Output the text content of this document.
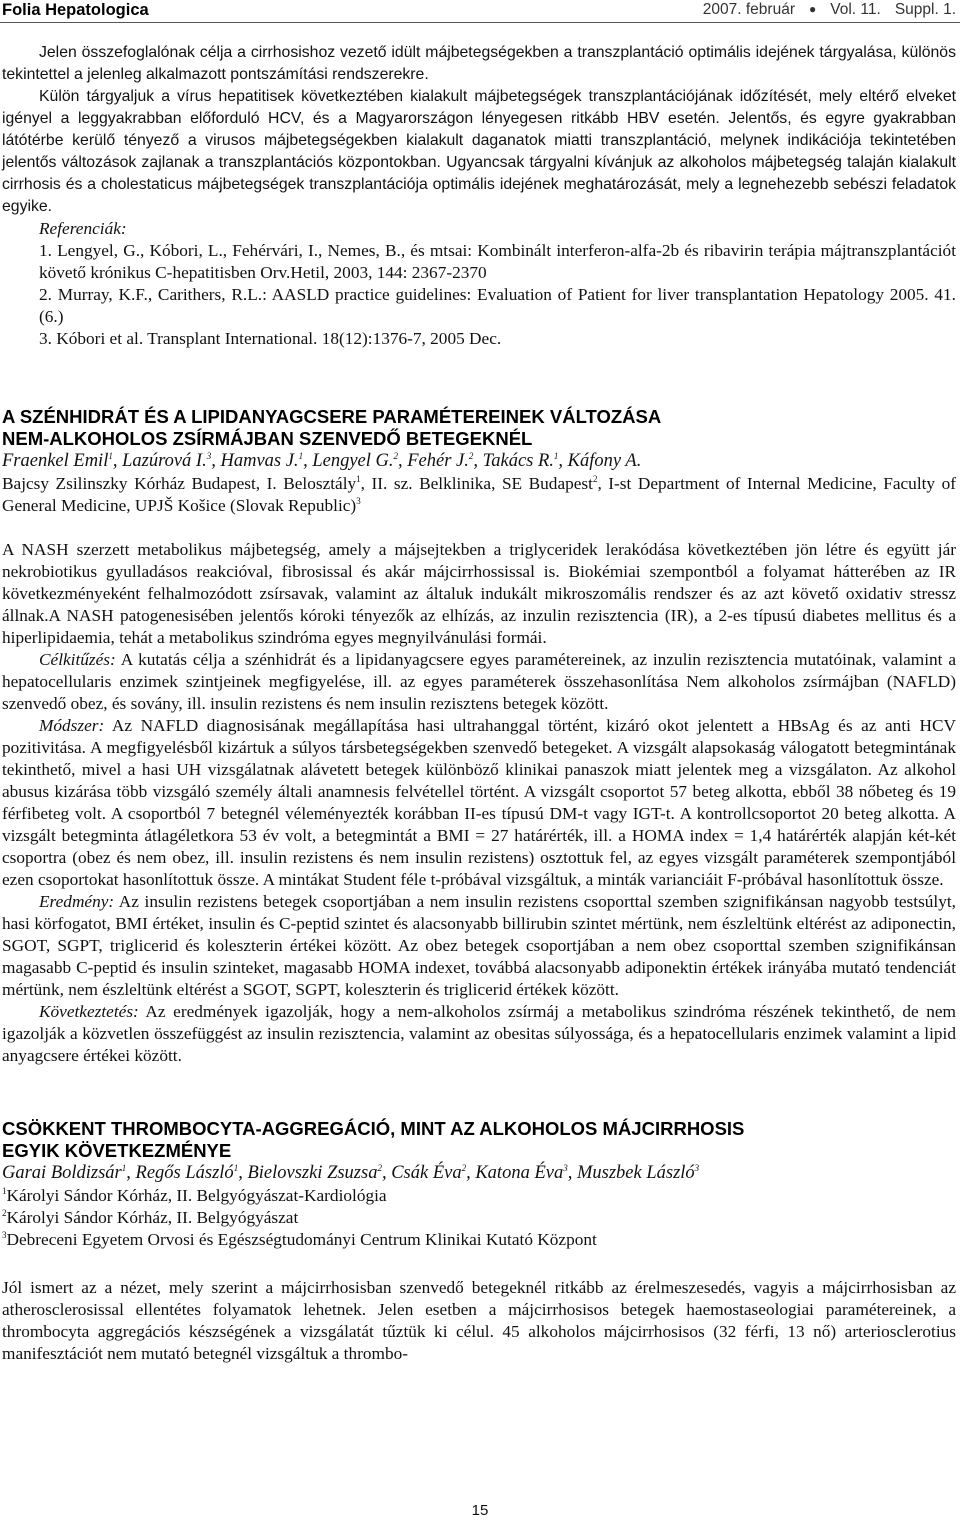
Folia Hepatologica	2007. február ● Vol. 11. Suppl. 1.

Jelen összefoglalónak célja a cirrhosishoz vezető idült májbetegségekben a transzplantáció optimális idejének tárgyalása, különös tekintettel a jelenleg alkalmazott pontszámítási rendszerekre.

Külön tárgyaljuk a vírus hepatitisek következtében kialakult májbetegségek transzplantációjának időzítését, mely eltérő elveket igényel a leggyakrabban előforduló HCV, és a Magyarországon lényegesen ritkább HBV esetén. Jelentős, és egyre gyakrabban látótérbe kerülő tényező a virusos májbetegségekben kialakult daganatok miatti transzplantáció, melynek indikációja tekintetében jelentős változások zajlanak a transzplantációs központokban. Ugyancsak tárgyalni kívánjuk az alkoholos májbetegség talaján kialakult cirrhosis és a cholestaticus májbetegségek transzplantációja optimális idejének meghatározását, mely a legnehezebb sebészi feladatok egyike.

Referenciák:
1. Lengyel, G., Kóbori, L., Fehérvári, I., Nemes, B., és mtsai: Kombinált interferon-alfa-2b és ribavirin terápia májtranszplantációt követő krónikus C-hepatitisben Orv.Hetil, 2003, 144: 2367-2370
2. Murray, K.F., Carithers, R.L.: AASLD practice guidelines: Evaluation of Patient for liver transplantation Hepatology 2005. 41.(6.)
3. Kóbori et al. Transplant International. 18(12):1376-7, 2005 Dec.
A SZÉNHIDRÁT ÉS A LIPIDANYAGCSERE PARAMÉTEREINEK VÁLTOZÁSA
NEM-ALKOHOLOS ZSÍRMÁJBAN SZENVEDŐ BETEGEKNÉL
Fraenkel Emil$^1$, Lazúrová I.$^3$, Hamvas J.$^1$, Lengyel G.$^2$, Fehér J.$^2$, Takács R.$^1$, Káfony A.

Bajcsy Zsilinszky Kórház Budapest, I. Belosztály$^1$, II. sz. Belklinika, SE Budapest$^2$, I-st Department of Internal Medicine, Faculty of General Medicine, UPJŠ Košice (Slovak Republic)$^3$

A NASH szerzett metabolikus májbetegség, amely a májsejtekben a triglyceridek lerakódása következtében jön létre és együtt jár nekrobiotikus gyulladásos reakcióval, fibrosissal és akár májcirrhossissal is. Biokémiai szempontból a folyamat hátterében az IR következményeként felhalmozódott zsírsavak, valamint az általuk indukált mikroszomális rendszer és az azt követő oxidativ stressz állnak.A NASH patogenesisében jelentős kóroki tényezők az elhízás, az inzulin rezisztencia (IR), a 2-es típusú diabetes mellitus és a hiperlipidaemia, tehát a metabolikus szindróma egyes megnyilvánulási formái.

Célkitűzés: A kutatás célja a szénhidrát és a lipidanyagcsere egyes paramétereinek, az inzulin rezisztencia mutatóinak, valamint a hepatocellularis enzimek szintjeinek megfigyelése, ill. az egyes paraméterek összehasonlítása Nem alkoholos zsírmájban (NAFLD) szenvedő obez, és sovány, ill. insulin rezistens és nem insulin rezisztens betegek között.

Módszer: Az NAFLD diagnosisának megállapítása hasi ultrahanggal történt, kizáró okot jelentett a HBsAg és az anti HCV pozitivitása. A megfigyelésből kizártuk a súlyos társbetegségekben szenvedő betegeket. A vizsgált alapsokaság válogatott betegmintának tekinthető, mivel a hasi UH vizsgálatnak alávetett betegek különböző klinikai panaszok miatt jelentek meg a vizsgálaton. Az alkohol abusus kizárása több vizsgáló személy általi anamnesis felvétellel történt. A vizsgált csoportot 57 beteg alkotta, ebből 38 nőbeteg és 19 férfibeteg volt. A csoportból 7 betegnél véleményezték korábban II-es típusú DM-t vagy IGT-t. A kontrollcsoportot 20 beteg alkotta. A vizsgált betegminta átlagéletkora 53 év volt, a betegmintát a BMI = 27 határérték, ill. a HOMA index = 1,4 határérték alapján két-két csoportra (obez és nem obez, ill. insulin rezistens és nem insulin rezistens) osztottuk fel, az egyes vizsgált paraméterek szempontjából ezen csoportokat hasonlítottuk össze. A mintákat Student féle t-próbával vizsgáltuk, a minták varianciáit F-próbával hasonlítottuk össze.

Eredmény: Az insulin rezistens betegek csoportjában a nem insulin rezistens csoporttal szemben szignifikánsan nagyobb testsúlyt, hasi körfogatot, BMI értéket, insulin és C-peptid szintet és alacsonyabb billirubin szintet mértünk, nem észleltünk eltérést az adiponectin, SGOT, SGPT, triglicerid és koleszterin értékei között. Az obez betegek csoportjában a nem obez csoporttal szemben szignifikánsan magasabb C-peptid és insulin szinteket, magasabb HOMA indexet, továbbá alacsonyabb adiponektin értékek irányába mutató tendenciát mértünk, nem észleltünk eltérést a SGOT, SGPT, koleszterin és triglicerid értékek között.

Következtetés: Az eredmények igazolják, hogy a nem-alkoholos zsírmáj a metabolikus szindróma részének tekinthető, de nem igazolják a közvetlen összefüggést az insulin rezisztencia, valamint az obesitas súlyossága, és a hepatocellularis enzimek valamint a lipid anyagcsere értékei között.

CSÖKKENT THROMBOCYTA-AGGREGÁCIÓ, MINT AZ ALKOHOLOS MÁJCIRRHOSIS
EGYIK KÖVETKEZMÉNYE
Garai Boldizsár$^1$, Regős László$^1$, Bielovszki Zsuzsa$^2$, Csák Éva$^2$, Katona Éva$^3$, Muszbek László$^3$
$^1$Károlyi Sándor Kórház, II. Belgyógyászat-Kardiológia
$^2$Károlyi Sándor Kórház, II. Belgyógyászat
$^3$Debreceni Egyetem Orvosi és Egészségtudományi Centrum Klinikai Kutató Központ

Jól ismert az a nézet, mely szerint a májcirrhosisban szenvedő betegeknél ritkább az érelmeszesedés, vagyis a májcirrhosisban az atherosclerosissal ellentétes folyamatok lehetnek. Jelen esetben a májcirrhosisos betegek haemostaseologiai paramétereinek, a thrombocyta aggregációs készségének a vizsgálatát tűztük ki célul. 45 alkoholos májcirrhosisos (32 férfi, 13 nő) arteriosclerotius manifesztációt nem mutató betegnél vizsgáltuk a thrombo-

15
